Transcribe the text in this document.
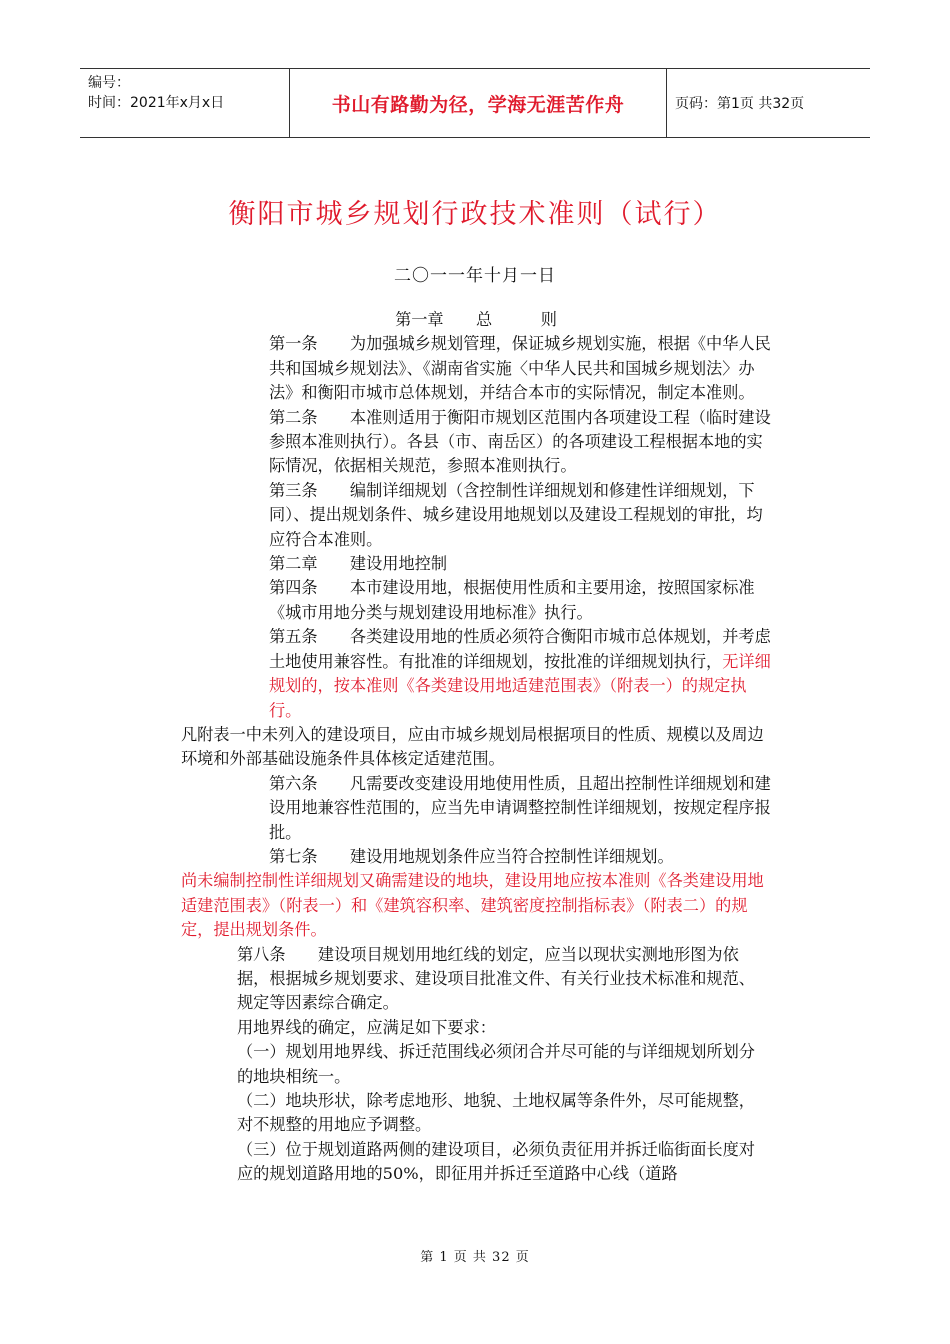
编号：
时间：2021年x月x日	书山有路勤为径，学海无涯苦作舟	页码：第1页 共32页
衡阳市城乡规划行政技术准则（试行）
二〇一一年十月一日

第一章　　总　　　则

第一条　　为加强城乡规划管理，保证城乡规划实施，根据《中华人民共和国城乡规划法》、《湖南省实施〈中华人民共和国城乡规划法〉办法》和衡阳市城市总体规划，并结合本市的实际情况，制定本准则。

第二条　　本准则适用于衡阳市规划区范围内各项建设工程（临时建设参照本准则执行）。各县（市、南岳区）的各项建设工程根据本地的实际情况，依据相关规范，参照本准则执行。

第三条　　编制详细规划（含控制性详细规划和修建性详细规划，下同）、提出规划条件、城乡建设用地规划以及建设工程规划的审批，均应符合本准则。

第二章　　建设用地控制

第四条　　本市建设用地，根据使用性质和主要用途，按照国家标准《城市用地分类与规划建设用地标准》执行。

第五条　　各类建设用地的性质必须符合衡阳市城市总体规划，并考虑土地使用兼容性。有批准的详细规划，按批准的详细规划执行，无详细规划的，按本准则《各类建设用地适建范围表》（附表一）的规定执行。

凡附表一中未列入的建设项目，应由市城乡规划局根据项目的性质、规模以及周边环境和外部基础设施条件具体核定适建范围。

第六条　　凡需要改变建设用地使用性质，且超出控制性详细规划和建设用地兼容性范围的，应当先申请调整控制性详细规划，按规定程序报批。

第七条　　建设用地规划条件应当符合控制性详细规划。

尚未编制控制性详细规划又确需建设的地块，建设用地应按本准则《各类建设用地适建范围表》（附表一）和《建筑容积率、建筑密度控制指标表》（附表二）的规定，提出规划条件。

第八条　　建设项目规划用地红线的划定，应当以现状实测地形图为依据，根据城乡规划要求、建设项目批准文件、有关行业技术标准和规范、规定等因素综合确定。

用地界线的确定，应满足如下要求：

（一）规划用地界线、拆迁范围线必须闭合并尽可能的与详细规划所划分的地块相统一。

（二）地块形状，除考虑地形、地貌、土地权属等条件外，尽可能规整，对不规整的用地应予调整。

（三）位于规划道路两侧的建设项目，必须负责征用并拆迁临街面长度对应的规划道路用地的50%，即征用并拆迁至道路中心线（道路

第 1 页 共 32 页
